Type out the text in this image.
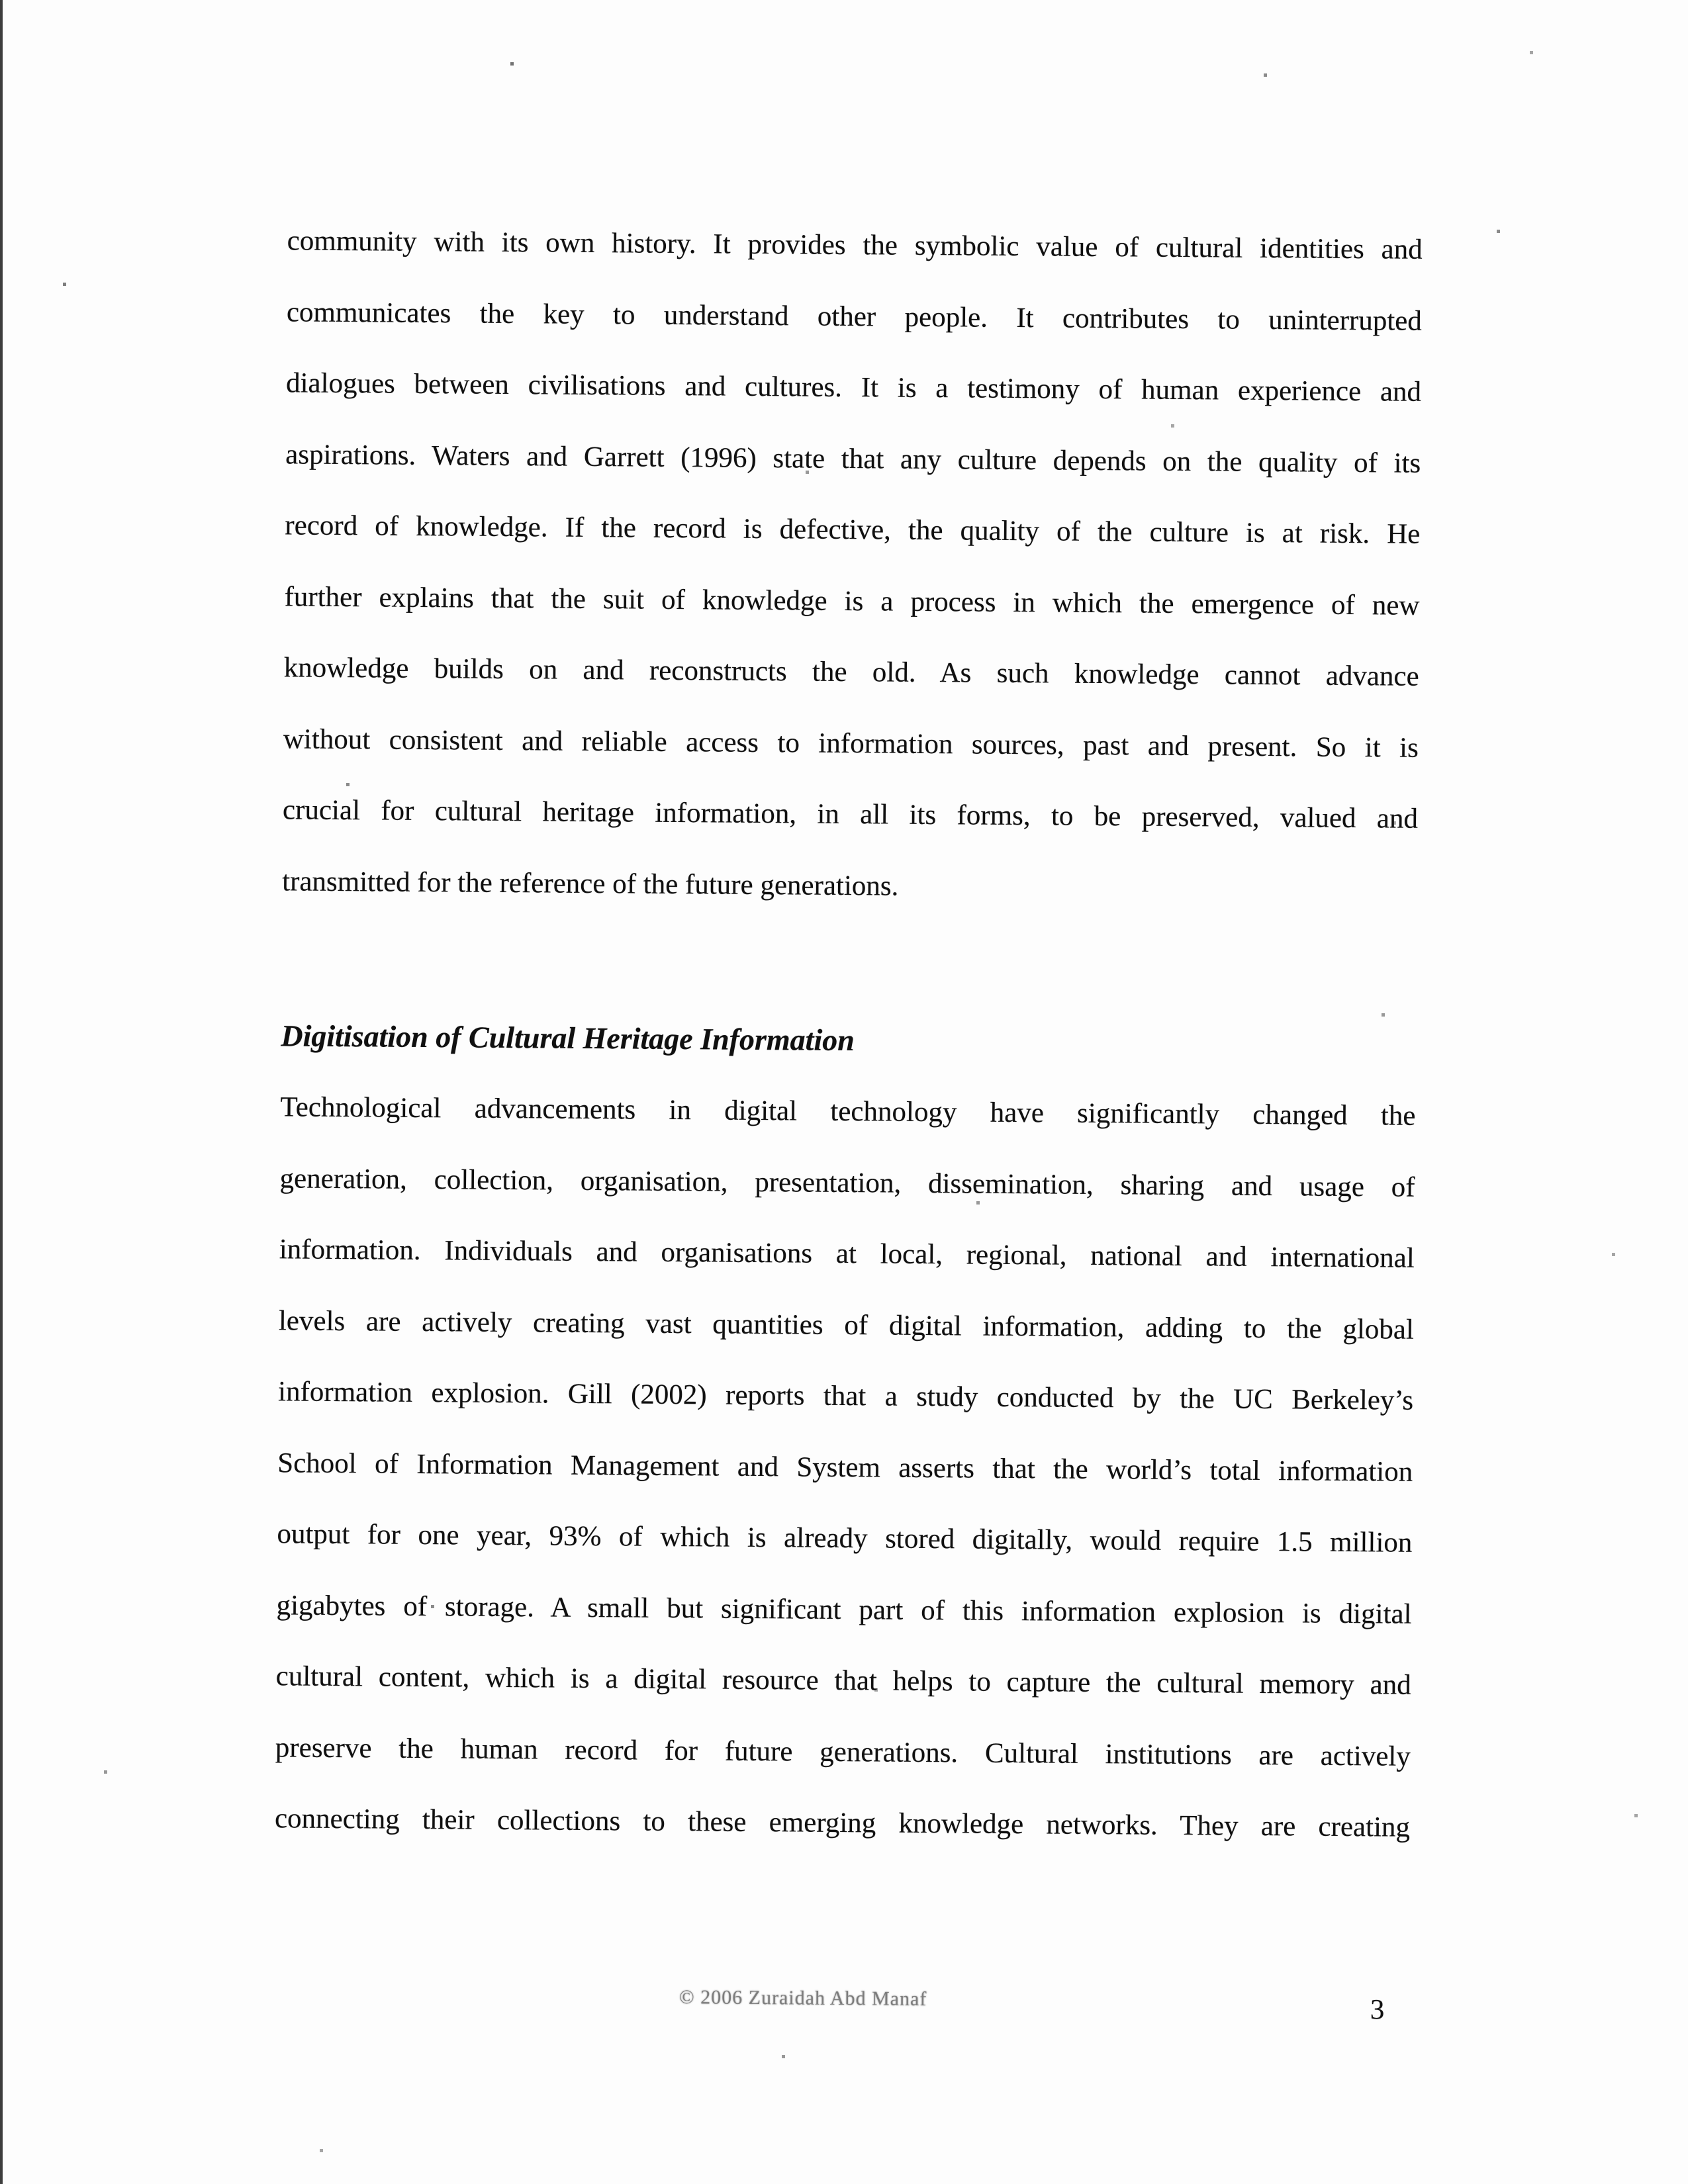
community with its own history. It provides the symbolic value of cultural identities and
communicates the key to understand other people. It contributes to uninterrupted
dialogues between civilisations and cultures. It is a testimony of human experience and
aspirations. Waters and Garrett (1996) state that any culture depends on the quality of its
record of knowledge. If the record is defective, the quality of the culture is at risk. He
further explains that the suit of knowledge is a process in which the emergence of new
knowledge builds on and reconstructs the old. As such knowledge cannot advance
without consistent and reliable access to information sources, past and present. So it is
crucial for cultural heritage information, in all its forms, to be preserved, valued and
transmitted for the reference of the future generations.
Digitisation of Cultural Heritage Information
Technological advancements in digital technology have significantly changed the
generation, collection, organisation, presentation, dissemination, sharing and usage of
information. Individuals and organisations at local, regional, national and international
levels are actively creating vast quantities of digital information, adding to the global
information explosion. Gill (2002) reports that a study conducted by the UC Berkeley’s
School of Information Management and System asserts that the world’s total information
output for one year, 93% of which is already stored digitally, would require 1.5 million
gigabytes of storage. A small but significant part of this information explosion is digital
cultural content, which is a digital resource that helps to capture the cultural memory and
preserve the human record for future generations. Cultural institutions are actively
connecting their collections to these emerging knowledge networks. They are creating
© 2006 Zuraidah Abd Manaf	3
